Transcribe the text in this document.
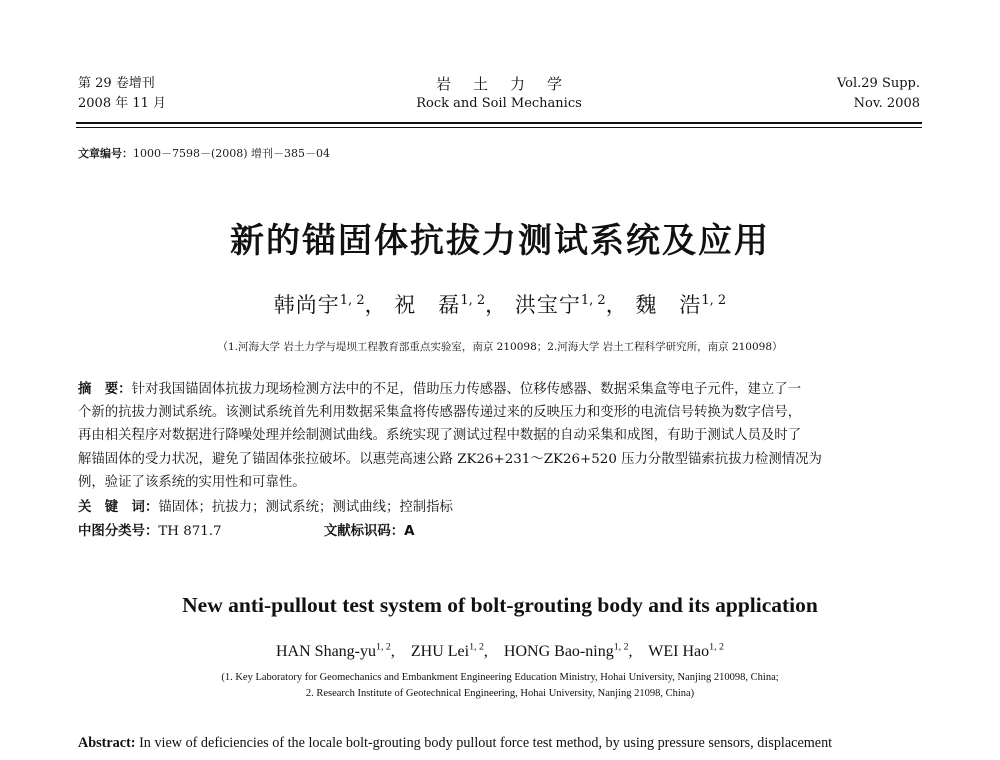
第 29 卷增刊
2008 年 11 月
岩土力学
Rock and Soil Mechanics
Vol.29 Supp.
Nov. 2008
文章编号：1000－7598－(2008) 增刊－385－04
新的锚固体抗拔力测试系统及应用
韩尚宇$^{1, 2}$， 祝　磊$^{1, 2}$， 洪宝宁$^{1, 2}$， 魏　浩$^{1, 2}$
（1.河海大学 岩土力学与堤坝工程教育部重点实验室，南京 210098；2.河海大学 岩土工程科学研究所，南京 210098）
摘　要：针对我国锚固体抗拔力现场检测方法中的不足，借助压力传感器、位移传感器、数据采集盒等电子元件，建立了一
个新的抗拔力测试系统。该测试系统首先利用数据采集盒将传感器传递过来的反映压力和变形的电流信号转换为数字信号，
再由相关程序对数据进行降噪处理并绘制测试曲线。系统实现了测试过程中数据的自动采集和成图，有助于测试人员及时了
解锚固体的受力状况，避免了锚固体张拉破坏。以惠莞高速公路 ZK26+231～ZK26+520 压力分散型锚索抗拔力检测情况为
例，验证了该系统的实用性和可靠性。
关　键　词：锚固体；抗拔力；测试系统；测试曲线；控制指标
中图分类号：TH 871.7	文献标识码：A
New anti-pullout test system of bolt-grouting body and its application
HAN Shang-yu$^{1, 2}$,    ZHU Lei$^{1, 2}$,    HONG Bao-ning$^{1, 2}$,    WEI Hao$^{1, 2}$
(1. Key Laboratory for Geomechanics and Embankment Engineering Education Ministry, Hohai University, Nanjing 210098, China;
2. Research Institute of Geotechnical Engineering, Hohai University, Nanjing 21098, China)
Abstract: In view of deficiencies of the locale bolt-grouting body pullout force test method, by using pressure sensors, displacement
